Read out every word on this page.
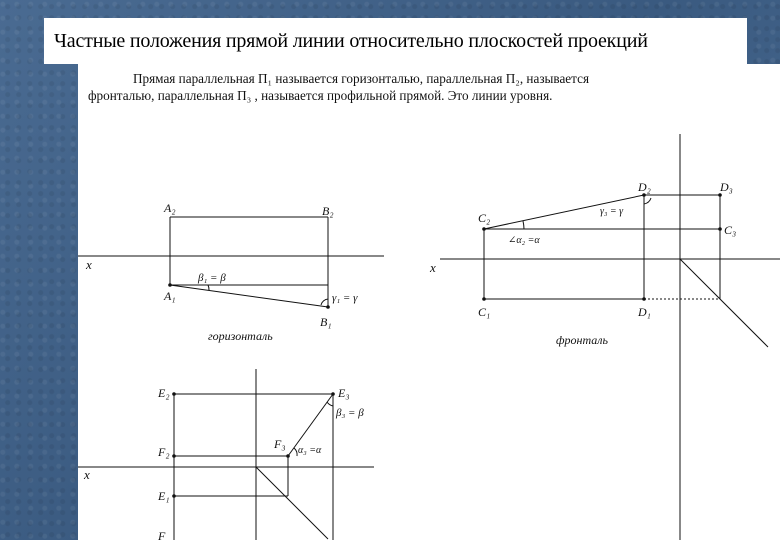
Частные положения прямой линии относительно плоскостей проекций
Прямая параллельная П₁ называется горизонталью, параллельная П₂, называется
фронталью, параллельная П₃ , называется профильной прямой. Это линии уровня.
x
A₂	B₂
A₁
B₁
β₁ = β
γ₁ = γ
горизонталь
x
C₂
D₂	D₃
C₃
C₁	D₁
γ₃ = γ
∠α₂ =α
фронталь
x
E₂	E₃
F₂
F₃
E₁
F
β₃ = β
α₃ =α
